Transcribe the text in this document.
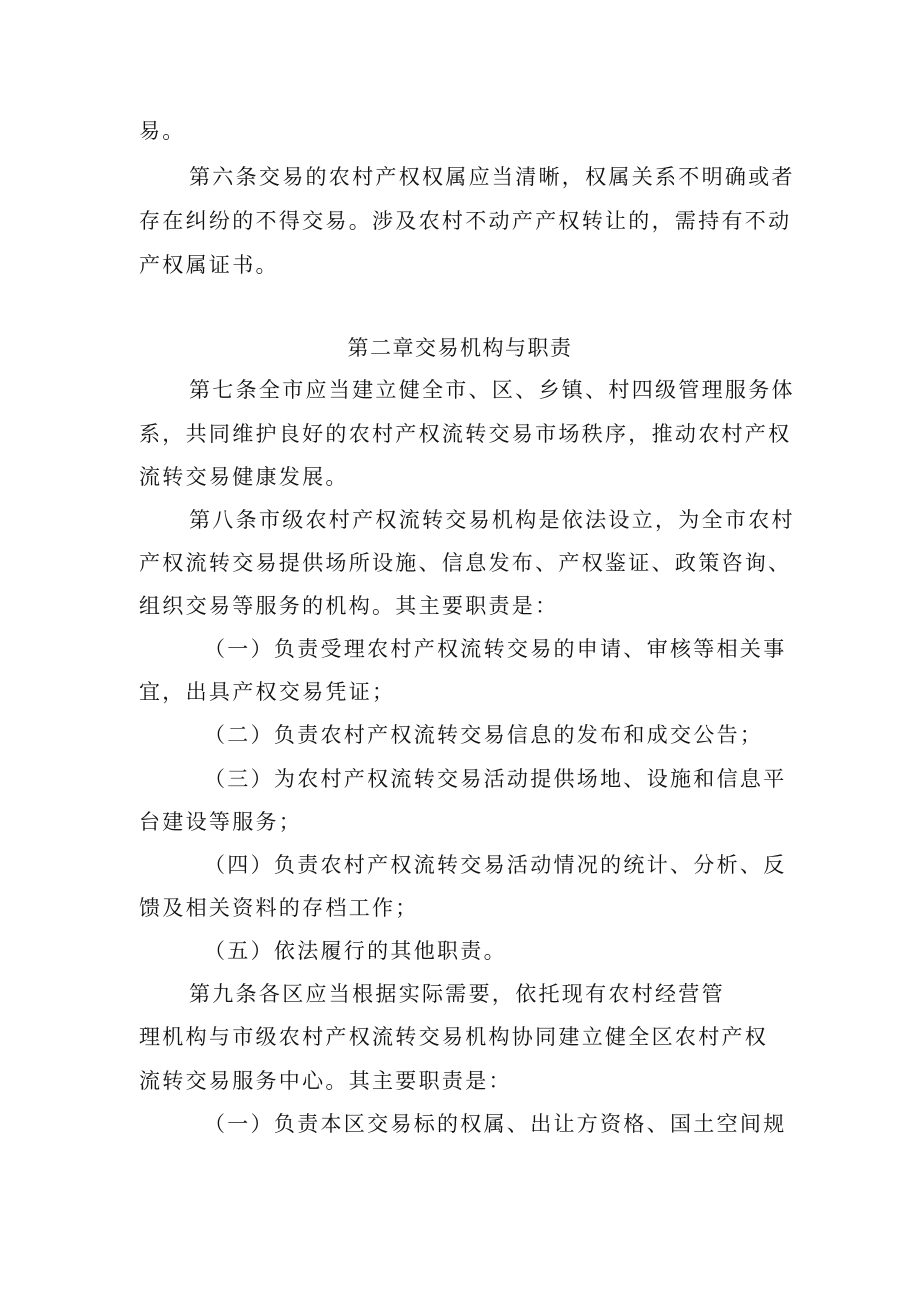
易。
第六条交易的农村产权权属应当清晰，权属关系不明确或者
存在纠纷的不得交易。涉及农村不动产产权转让的，需持有不动
产权属证书。
第二章交易机构与职责
第七条全市应当建立健全市、区、乡镇、村四级管理服务体
系，共同维护良好的农村产权流转交易市场秩序，推动农村产权
流转交易健康发展。
第八条市级农村产权流转交易机构是依法设立，为全市农村
产权流转交易提供场所设施、信息发布、产权鉴证、政策咨询、
组织交易等服务的机构。其主要职责是：
（一）负责受理农村产权流转交易的申请、审核等相关事
宜，出具产权交易凭证；
（二）负责农村产权流转交易信息的发布和成交公告；
（三）为农村产权流转交易活动提供场地、设施和信息平
台建设等服务；
（四）负责农村产权流转交易活动情况的统计、分析、反
馈及相关资料的存档工作；
（五）依法履行的其他职责。
第九条各区应当根据实际需要，依托现有农村经营管
理机构与市级农村产权流转交易机构协同建立健全区农村产权
流转交易服务中心。其主要职责是：
（一）负责本区交易标的权属、出让方资格、国土空间规
